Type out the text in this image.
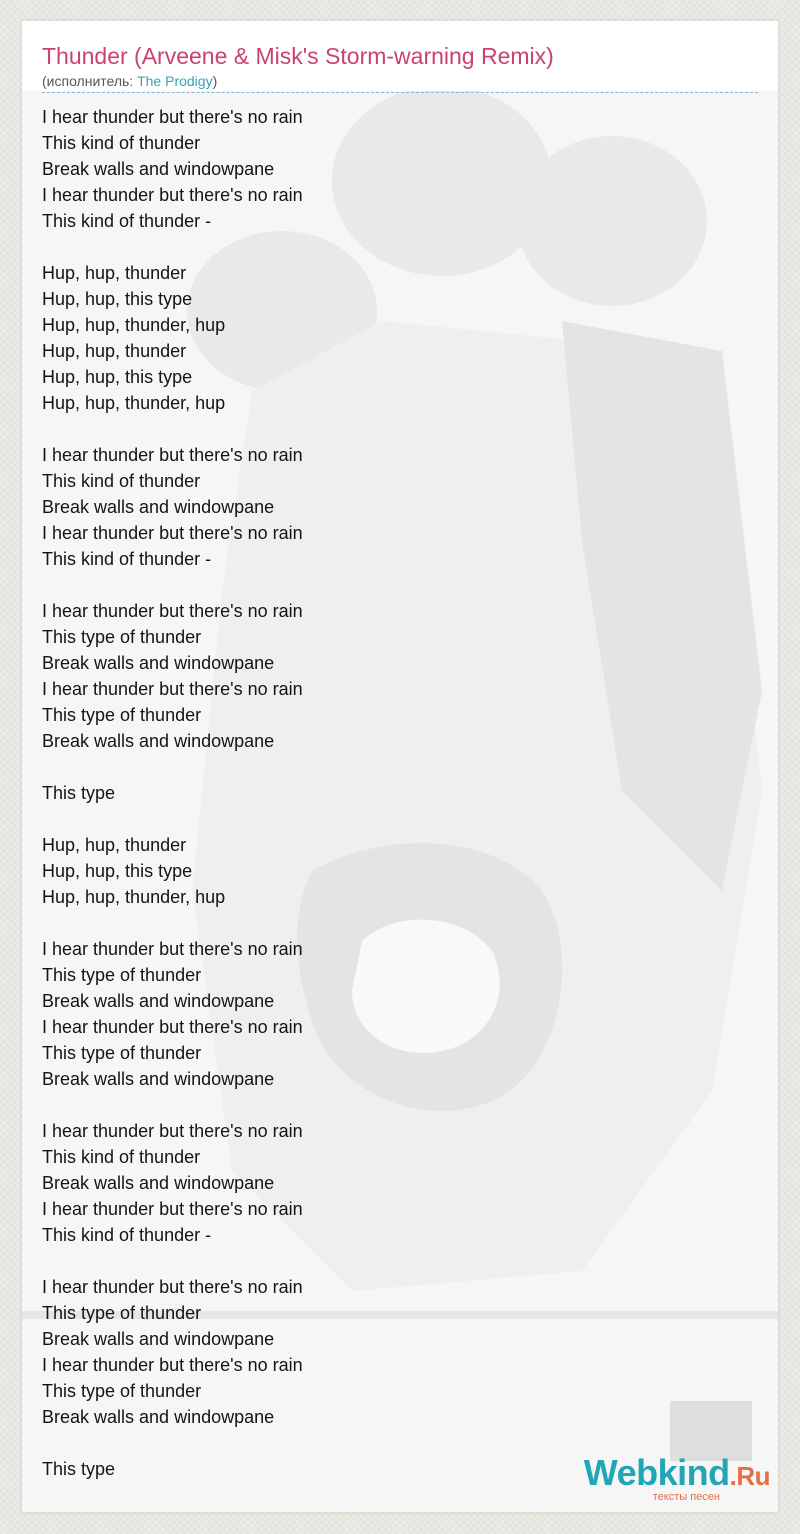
Thunder (Arveene & Misk's Storm-warning Remix)
(исполнитель: The Prodigy)
I hear thunder but there's no rain
This kind of thunder
Break walls and windowpane
I hear thunder but there's no rain
This kind of thunder -
Hup, hup, thunder
Hup, hup, this type
Hup, hup, thunder, hup
Hup, hup, thunder
Hup, hup, this type
Hup, hup, thunder, hup
I hear thunder but there's no rain
This kind of thunder
Break walls and windowpane
I hear thunder but there's no rain
This kind of thunder -
I hear thunder but there's no rain
This type of thunder
Break walls and windowpane
I hear thunder but there's no rain
This type of thunder
Break walls and windowpane
This type
Hup, hup, thunder
Hup, hup, this type
Hup, hup, thunder, hup
I hear thunder but there's no rain
This type of thunder
Break walls and windowpane
I hear thunder but there's no rain
This type of thunder
Break walls and windowpane
I hear thunder but there's no rain
This kind of thunder
Break walls and windowpane
I hear thunder but there's no rain
This kind of thunder -
I hear thunder but there's no rain
This type of thunder
Break walls and windowpane
I hear thunder but there's no rain
This type of thunder
Break walls and windowpane
This type	Webkind.Ru
тексты песен
